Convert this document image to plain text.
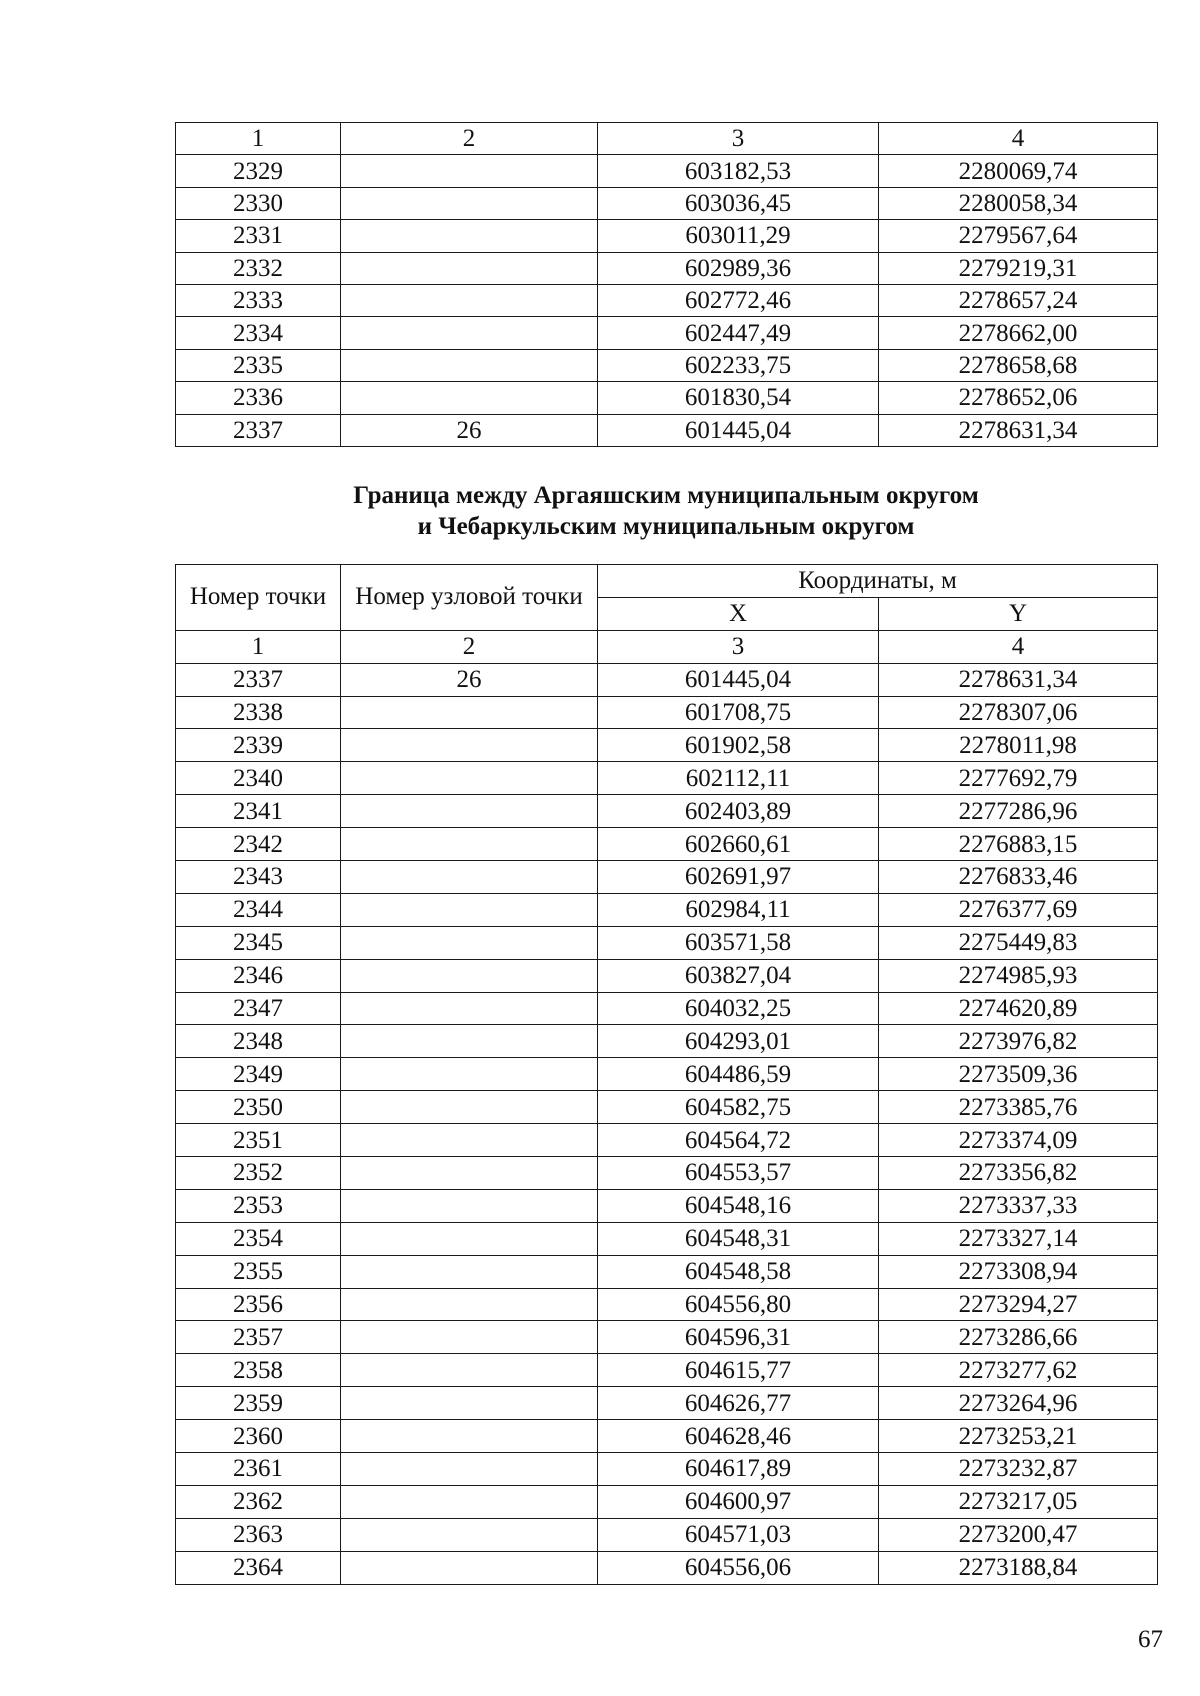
1	2	3	4
2329		603182,53	2280069,74
2330		603036,45	2280058,34
2331		603011,29	2279567,64
2332		602989,36	2279219,31
2333		602772,46	2278657,24
2334		602447,49	2278662,00
2335		602233,75	2278658,68
2336		601830,54	2278652,06
2337	26	601445,04	2278631,34
Граница между Аргаяшским муниципальным округом
и Чебаркульским муниципальным округом
Номер точки	Номер узловой точки	Координаты, м	
		X	Y
1	2	3	4
2337	26	601445,04	2278631,34
2338		601708,75	2278307,06
2339		601902,58	2278011,98
2340		602112,11	2277692,79
2341		602403,89	2277286,96
2342		602660,61	2276883,15
2343		602691,97	2276833,46
2344		602984,11	2276377,69
2345		603571,58	2275449,83
2346		603827,04	2274985,93
2347		604032,25	2274620,89
2348		604293,01	2273976,82
2349		604486,59	2273509,36
2350		604582,75	2273385,76
2351		604564,72	2273374,09
2352		604553,57	2273356,82
2353		604548,16	2273337,33
2354		604548,31	2273327,14
2355		604548,58	2273308,94
2356		604556,80	2273294,27
2357		604596,31	2273286,66
2358		604615,77	2273277,62
2359		604626,77	2273264,96
2360		604628,46	2273253,21
2361		604617,89	2273232,87
2362		604600,97	2273217,05
2363		604571,03	2273200,47
2364		604556,06	2273188,84
67
